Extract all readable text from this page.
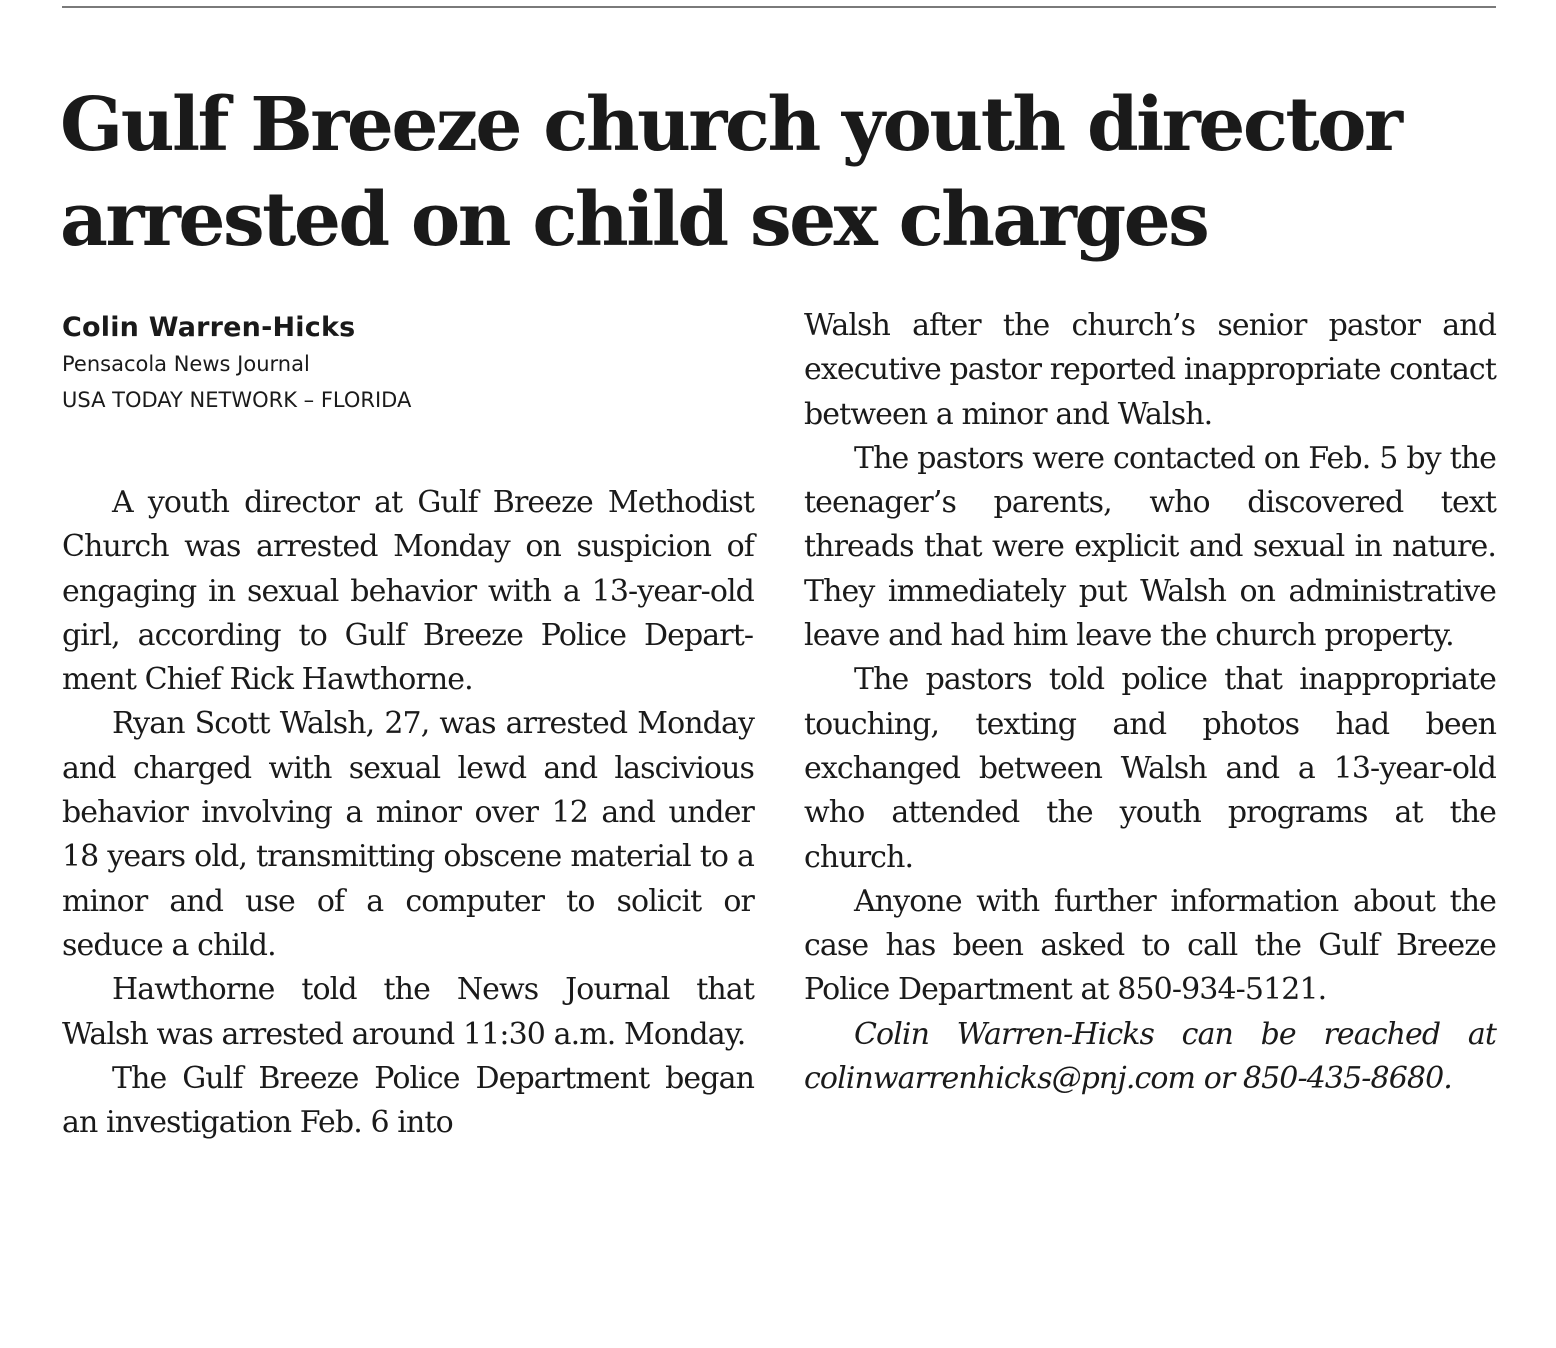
Gulf Breeze church youth director
arrested on child sex charges
Colin Warren-Hicks
Pensacola News Journal
USA TODAY NETWORK – FLORIDA

A youth director at Gulf Breeze Methodist Church was arrested Monday on suspicion of engaging in sexual behavior with a 13-year-old girl, according to Gulf Breeze Police Department Chief Rick Hawthorne.

Ryan Scott Walsh, 27, was arrested Monday and charged with sexual lewd and lascivious behavior involving a minor over 12 and under 18 years old, transmitting obscene material to a minor and use of a computer to solicit or seduce a child.

Hawthorne told the News Journal that Walsh was arrested around 11:30 a.m. Monday.

The Gulf Breeze Police Department began an investigation Feb. 6 into

Walsh after the church’s senior pastor and executive pastor reported inappropriate contact between a minor and Walsh.

The pastors were contacted on Feb. 5 by the teenager’s parents, who discovered text threads that were explicit and sexual in nature. They immediately put Walsh on administrative leave and had him leave the church property.

The pastors told police that inappropriate touching, texting and photos had been exchanged between Walsh and a 13-year-old who attended the youth programs at the church.

Anyone with further information about the case has been asked to call the Gulf Breeze Police Department at 850-934-5121.

Colin Warren-Hicks can be reached at colinwarrenhicks@pnj.com or 850-435-8680.
